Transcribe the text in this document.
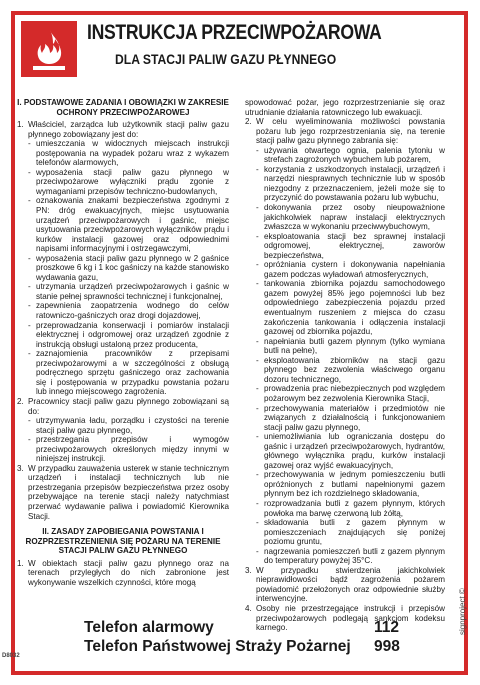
INSTRUKCJA PRZECIWPOŻAROWA
DLA STACJI PALIW GAZU PŁYNNEGO
Telefon alarmowy	112
Telefon Państwowej Straży Pożarnej 998
signproject ©
I. PODSTAWOWE ZADANIA I OBOWIĄZKI W ZAKRESIE OCHRONY PRZECIWPOŻAROWEJ
1. Właściciel, zarządca lub użytkownik stacji paliw gazu płynnego zobowiązany jest do:
- umieszczania w widocznych miejscach instrukcji postępowania na wypadek pożaru wraz z wykazem telefonów alarmowych,
- wyposażenia stacji paliw gazu płynnego w przeciwpożarowe wyłączniki prądu zgonie z wymaganiami przepisów techniczno-budowlanych,
- oznakowania znakami bezpieczeństwa zgodnymi z PN: dróg ewakuacyjnych, miejsc usytuowania urządzeń przeciwpożarowych i gaśnic, miejsc usytuowania przeciwpożarowych wyłączników prądu i kurków instalacji gazowej oraz odpowiednimi napisami informacyjnymi i ostrzegawczymi,
- wyposażenia stacji paliw gazu płynnego w 2 gaśnice proszkowe 6 kg i 1 koc gaśniczy na każde stanowisko wydawania gazu,
- utrzymania urządzeń przeciwpożarowych i gaśnic w stanie pełnej sprawności technicznej i funkcjonalnej,
- zapewnienia zaopatrzenia wodnego do celów ratowniczo-gaśniczych oraz drogi dojazdowej,
- przeprowadzania konserwacji i pomiarów instalacji elektrycznej i odgromowej oraz urządzeń zgodnie z instrukcją obsługi ustaloną przez producenta,
- zaznajomienia pracowników z przepisami przeciwpożarowymi a w szczególności z obsługą podręcznego sprzętu gaśniczego oraz zachowania się i postępowania w przypadku powstania pożaru lub innego miejscowego zagrożenia.
2. Pracownicy stacji paliw gazu płynnego zobowiązani są do:
- utrzymywania ładu, porządku i czystości na terenie stacji paliw gazu płynnego,
- przestrzegania przepisów i wymogów przeciwpożarowych określonych między innymi w niniejszej instrukcji.
3. W przypadku zauważenia usterek w stanie technicznym urządzeń i instalacji technicznych lub nie przestrzegania przepisów bezpieczeństwa przez osoby przebywające na terenie stacji należy natychmiast przerwać wydawanie paliwa i powiadomić Kierownika Stacji.
II. ZASADY ZAPOBIEGANIA POWSTANIA I ROZPRZESTRZENIENIA SIĘ POŻARU NA TERENIE STACJI PALIW GAZU PŁYNNEGO
1. W obiektach stacji paliw gazu płynnego oraz na terenach przyległych do nich zabronione jest wykonywanie wszelkich czynności, które mogą
spowodować pożar, jego rozprzestrzenianie się oraz utrudnianie działania ratowniczego lub ewakuacji.
2. W celu wyeliminowania możliwości powstania pożaru lub jego rozprzestrzeniania się, na terenie stacji paliw gazu płynnego zabrania się:
- używania otwartego ognia, palenia tytoniu w strefach zagrożonych wybuchem lub pożarem,
- korzystania z uszkodzonych instalacji, urządzeń i narzędzi niesprawnych technicznie lub w sposób niezgodny z przeznaczeniem, jeżeli może się to przyczynić do powstawania pożaru lub wybuchu,
- dokonywania przez osoby nieupoważnione jakichkolwiek napraw instalacji elektrycznych zwłaszcza w wykonaniu przeciwwybuchowym,
- eksploatowania stacji bez sprawnej instalacji odgromowej, elektrycznej, zaworów bezpieczeństwa,
- opróżniania cystern i dokonywania napełniania gazem podczas wyładowań atmosferycznych,
- tankowania zbiornika pojazdu samochodowego gazem powyżej 85% jego pojemności lub bez odpowiedniego zabezpieczenia pojazdu przed ewentualnym ruszeniem z miejsca do czasu zakończenia tankowania i odłączenia instalacji gazowej od zbiornika pojazdu,
- napełniania butli gazem płynnym (tylko wymiana butli na pełne),
- eksploatowania zbiorników na stacji gazu płynnego bez zezwolenia właściwego organu dozoru technicznego,
- prowadzenia prac niebezpiecznych pod względem pożarowym bez zezwolenia Kierownika Stacji,
- przechowywania materiałów i przedmiotów nie związanych z działalnością i funkcjonowaniem stacji paliw gazu płynnego,
- uniemożliwiania lub ograniczania dostępu do gaśnic i urządzeń przeciwpożarowych, hydrantów, głównego wyłącznika prądu, kurków instalacji gazowej oraz wyjść ewakuacyjnych,
- przechowywania w jednym pomieszczeniu butli opróżnionych z butlami napełnionymi gazem płynnym bez ich rozdzielnego składowania,
- rozprowadzania butli z gazem płynnym, których powłoka ma barwę czerwoną lub żółtą,
- składowania butli z gazem płynnym w pomieszczeniach znajdujących się poniżej poziomu gruntu,
- nagrzewania pomieszczeń butli z gazem płynnym do temperatury powyżej 35°C.
3. W przypadku stwierdzenia jakichkolwiek nieprawidłowości bądź zagrożenia pożarem powiadomić przełożonych oraz odpowiednie służby interwencyjne.
4. Osoby nie przestrzegające instrukcji i przepisów przeciwpożarowych podlegają sankcjom kodeksu karnego.
D8032
